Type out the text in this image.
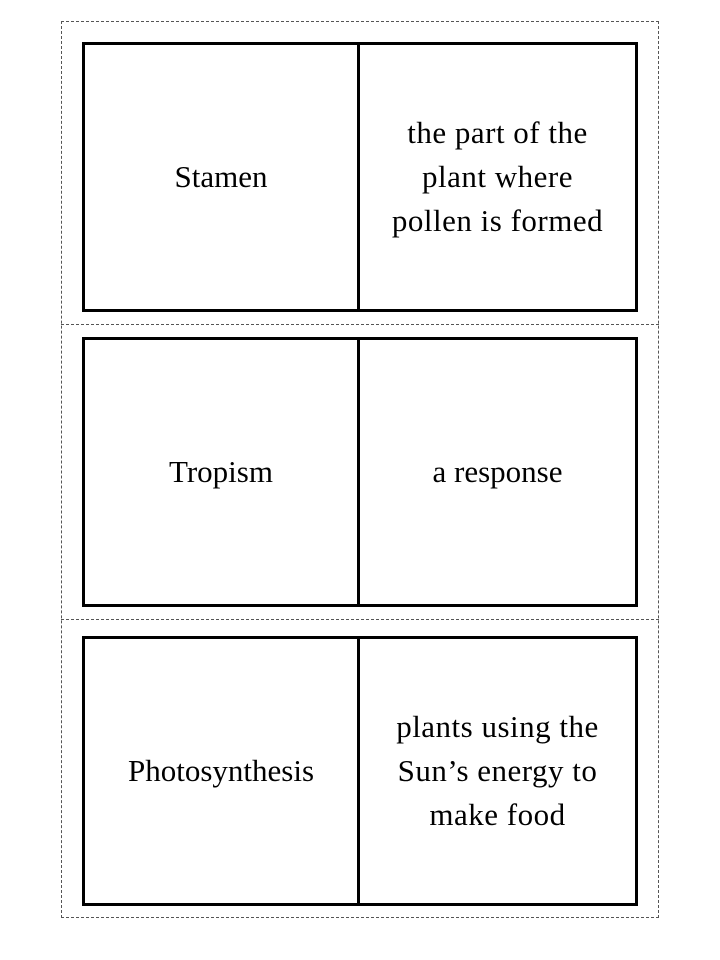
Stamen
the part of the plant where pollen is formed
Tropism	a response
Photosynthesis
plants using the Sun’s energy to make food
